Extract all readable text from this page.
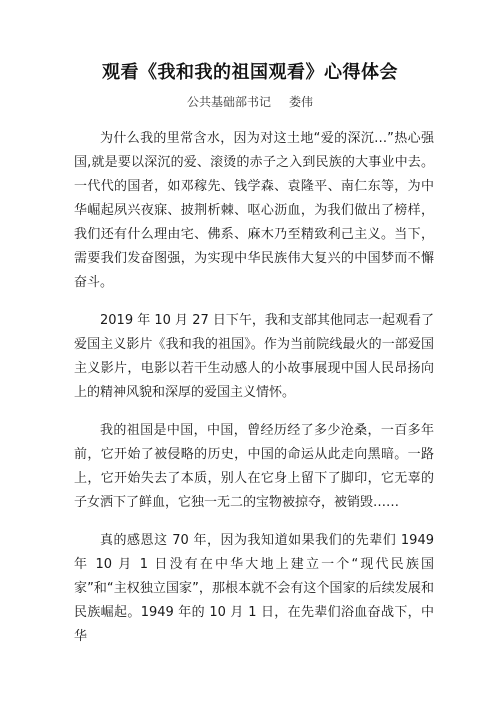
观看《我和我的祖国观看》心得体会
公共基础部书记 娄伟

为什么我的里常含水，因为对这土地“爱的深沉…”热心强国,就是要以深沉的爱、滚烫的赤子之入到民族的大事业中去。一代代的国者，如邓稼先、钱学森、袁隆平、南仁东等，为中华崛起夙兴夜寐、披荆析棘、呕心沥血，为我们做出了榜样，我们还有什么理由宅、佛系、麻木乃至精致利己主义。当下，需要我们发奋图强，为实现中华民族伟大复兴的中国梦而不懈奋斗。

2019 年 10 月 27 日下午，我和支部其他同志一起观看了爱国主义影片《我和我的祖国》。作为当前院线最火的一部爱国主义影片，电影以若干生动感人的小故事展现中国人民昂扬向上的精神风貌和深厚的爱国主义情怀。

我的祖国是中国，中国，曾经历经了多少沧桑，一百多年前，它开始了被侵略的历史，中国的命运从此走向黑暗。一路上，它开始失去了本质，别人在它身上留下了脚印，它无辜的子女洒下了鲜血，它独一无二的宝物被掠夺，被销毁……

真的感恩这 70 年，因为我知道如果我们的先辈们 1949 年 10 月 1 日没有在中华大地上建立一个“现代民族国家”和“主权独立国家”，那根本就不会有这个国家的后续发展和民族崛起。1949 年的 10 月 1 日，在先辈们浴血奋战下，中华
